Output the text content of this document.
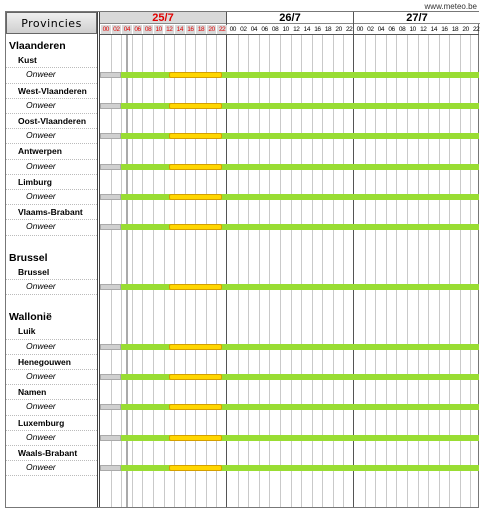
www.meteo.be
Provincies
Vlaanderen
Kust
Onweer
West-Vlaanderen
Onweer
Oost-Vlaanderen
Onweer
Antwerpen
Onweer
Limburg
Onweer
Vlaams-Brabant
Onweer
Brussel
Brussel
Onweer
Wallonië
Luik
Onweer
Henegouwen
Onweer
Namen
Onweer
Luxemburg
Onweer
Waals-Brabant
Onweer
25/7
00 02 04 06 08 10 12 14 16 18 20 22
26/7
00 02 04 06 08 10 12 14 16 18 20 22
27/7
00 02 04 06 08 10 12 14 16 18 20 22
